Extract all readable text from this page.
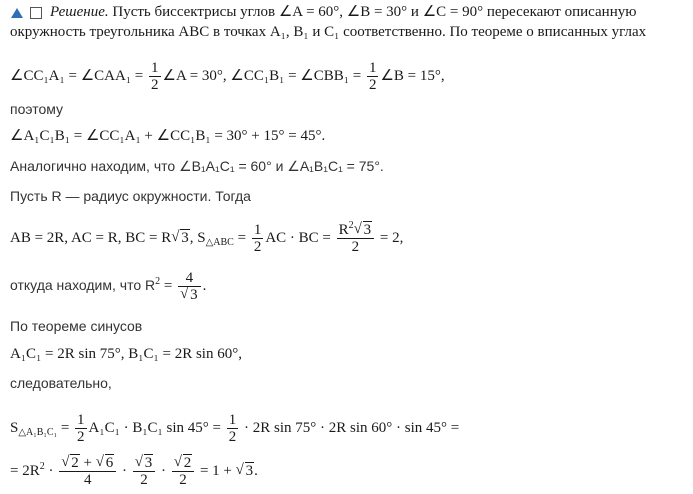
Решение. Пусть биссектрисы углов ∠A = 60°, ∠B = 30° и ∠C = 90° пересекают описанную
окружность треугольника ABC в точках A₁, B₁ и C₁ соответственно. По теореме о вписанных углах
∠CC₁A₁ = ∠CAA₁ = $\frac{1}{2}$ ∠A = 30°, ∠CC₁B₁ = ∠CBB₁ = $\frac{1}{2}$ ∠B = 15°,
поэтому
∠A₁C₁B₁ = ∠CC₁A₁ + ∠CC₁B₁ = 30° + 15° = 45°.
Аналогично находим, что ∠B₁A₁C₁ = 60° и ∠A₁B₁C₁ = 75°.
Пусть R — радиус окружности. Тогда
AB = 2R, AC = R, BC = R √ 3, $S_{\triangle ABC} = \frac{1}{2}$ AC · BC = $\frac{R^2 √ 3}{2} = 2$,
откуда находим, что $R^2 = 4$
√ 3 .
По теореме синусов
A₁C₁ = 2R sin 75°, B₁C₁ = 2R sin 60°,
следовательно,
$S_{\triangle A_1B_1C_1} = \frac{1}{2} A_1C_1 \cdot B_1C_1$ $\sin 45^\circ = \frac{1}{2} \cdot 2R$ sin 75° · 2R sin 60° · sin 45° =
= $2R^2$ · √ $\frac{2 + √ 6}{4}$ · √ $\frac{3}{2}$ · √ $\frac{2}{2} = 1$ + √ 3.
